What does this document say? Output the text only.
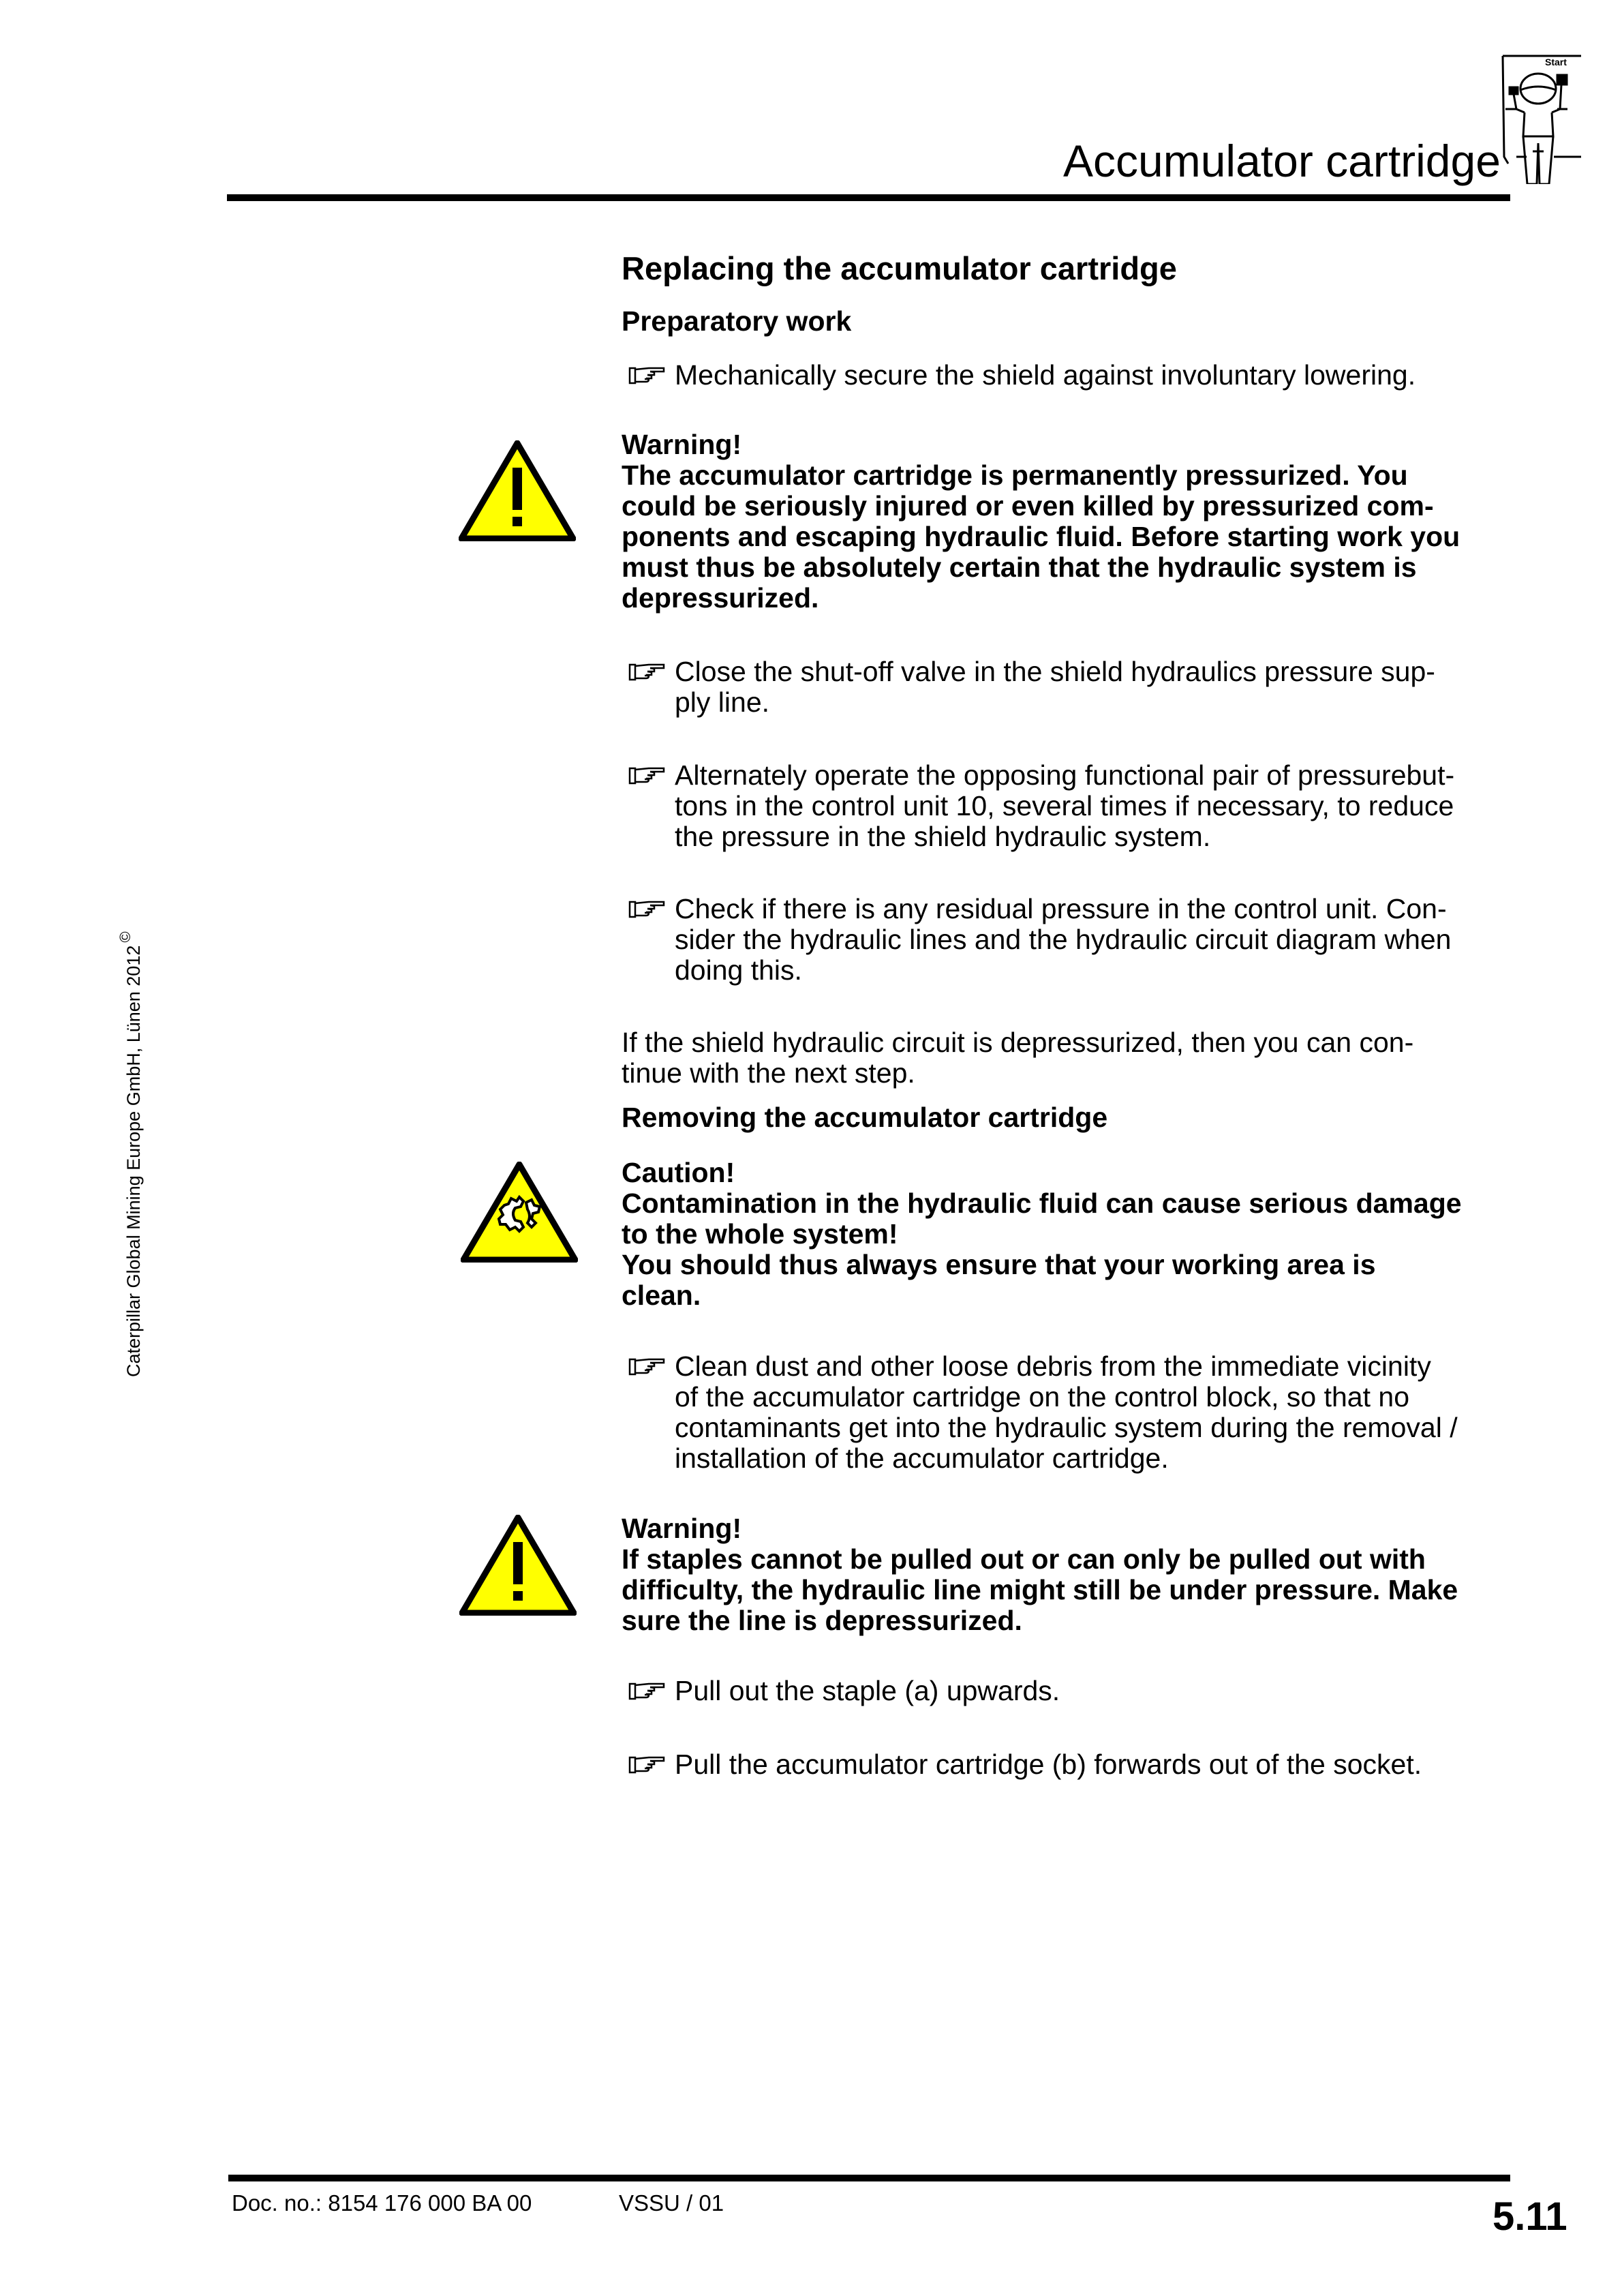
Accumulator cartridge
Start
Caterpillar Global Mining Europe GmbH, Lünen 2012©
Replacing the accumulator cartridge
Preparatory work
Mechanically secure the shield against involuntary lowering.
Warning!
The accumulator cartridge is permanently pressurized. You
could be seriously injured or even killed by pressurized com-
ponents and escaping hydraulic fluid. Before starting work you
must thus be absolutely certain that the hydraulic system is
depressurized.
Close the shut-off valve in the shield hydraulics pressure sup-
ply line.
Alternately operate the opposing functional pair of pressurebut-
tons in the control unit 10, several times if necessary, to reduce
the pressure in the shield hydraulic system.
Check if there is any residual pressure in the control unit. Con-
sider the hydraulic lines and the hydraulic circuit diagram when
doing this.
If the shield hydraulic circuit is depressurized, then you can con-
tinue with the next step.
Removing the accumulator cartridge
Caution!
Contamination in the hydraulic fluid can cause serious damage
to the whole system!
You should thus always ensure that your working area is
clean.
Clean dust and other loose debris from the immediate vicinity
of the accumulator cartridge on the control block, so that no
contaminants get into the hydraulic system during the removal /
installation of the accumulator cartridge.
Warning!
If staples cannot be pulled out or can only be pulled out with
difficulty, the hydraulic line might still be under pressure. Make
sure the line is depressurized.
Pull out the staple (a) upwards.
Pull the accumulator cartridge (b) forwards out of the socket.
Doc. no.: 8154 176 000 BA 00	VSSU / 01	5.11
